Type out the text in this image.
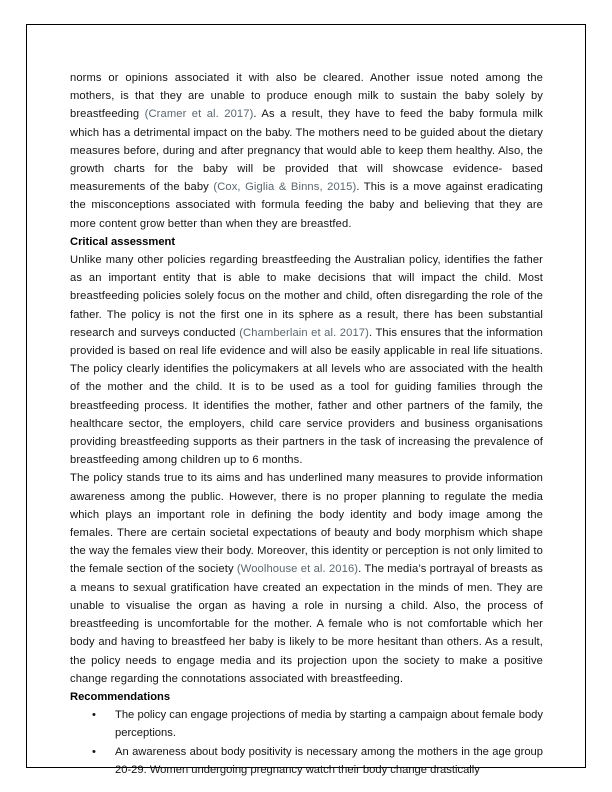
norms or opinions associated it with also be cleared. Another issue noted among the mothers, is that they are unable to produce enough milk to sustain the baby solely by breastfeeding (Cramer et al. 2017). As a result, they have to feed the baby formula milk which has a detrimental impact on the baby. The mothers need to be guided about the dietary measures before, during and after pregnancy that would able to keep them healthy. Also, the growth charts for the baby will be provided that will showcase evidence- based measurements of the baby (Cox, Giglia & Binns, 2015). This is a move against eradicating the misconceptions associated with formula feeding the baby and believing that they are more content grow better than when they are breastfed.

Critical assessment

Unlike many other policies regarding breastfeeding the Australian policy, identifies the father as an important entity that is able to make decisions that will impact the child. Most breastfeeding policies solely focus on the mother and child, often disregarding the role of the father. The policy is not the first one in its sphere as a result, there has been substantial research and surveys conducted (Chamberlain et al. 2017). This ensures that the information provided is based on real life evidence and will also be easily applicable in real life situations. The policy clearly identifies the policymakers at all levels who are associated with the health of the mother and the child. It is to be used as a tool for guiding families through the breastfeeding process. It identifies the mother, father and other partners of the family, the healthcare sector, the employers, child care service providers and business organisations providing breastfeeding supports as their partners in the task of increasing the prevalence of breastfeeding among children up to 6 months.

The policy stands true to its aims and has underlined many measures to provide information awareness among the public. However, there is no proper planning to regulate the media which plays an important role in defining the body identity and body image among the females. There are certain societal expectations of beauty and body morphism which shape the way the females view their body. Moreover, this identity or perception is not only limited to the female section of the society (Woolhouse et al. 2016). The media’s portrayal of breasts as a means to sexual gratification have created an expectation in the minds of men. They are unable to visualise the organ as having a role in nursing a child. Also, the process of breastfeeding is uncomfortable for the mother. A female who is not comfortable which her body and having to breastfeed her baby is likely to be more hesitant than others. As a result, the policy needs to engage media and its projection upon the society to make a positive change regarding the connotations associated with breastfeeding.

Recommendations
• The policy can engage projections of media by starting a campaign about female body perceptions.
• An awareness about body positivity is necessary among the mothers in the age group 20-29. Women undergoing pregnancy watch their body change drastically
